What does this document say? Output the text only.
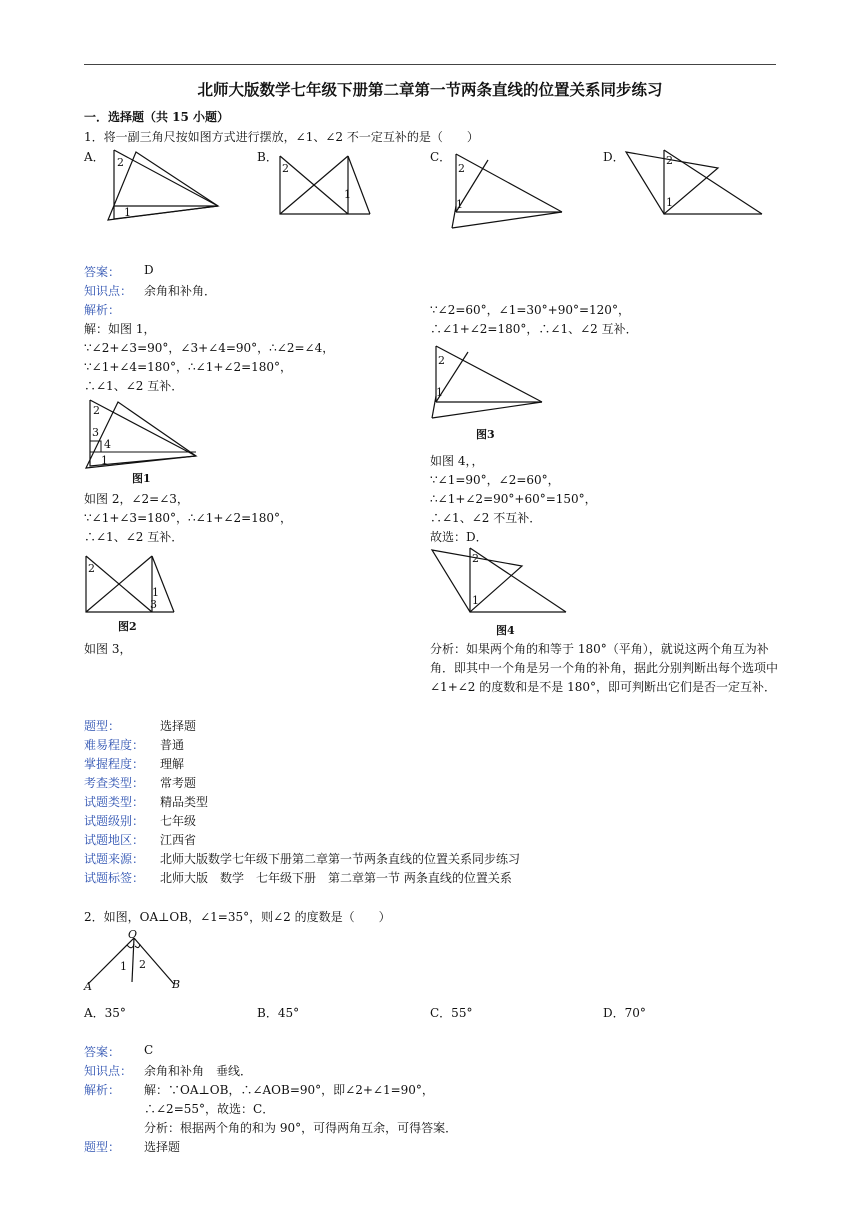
北师大版数学七年级下册第二章第一节两条直线的位置关系同步练习
一．选择题（共 15 小题）
1．将一副三角尺按如图方式进行摆放，∠1、∠2 不一定互补的是（　　）
A．	B．	C．	D．
2
1
2
1
2
1
2
1
答案： D
知识点： 余角和补角．
解析：
解：如图 1，
∵∠2+∠3=90°，∠3+∠4=90°，∴∠2=∠4，
∵∠1+∠4=180°，∴∠1+∠2=180°，
∴∠1、∠2 互补．
2
3
4
1
图1
如图 2，∠2=∠3，
∵∠1+∠3=180°，∴∠1+∠2=180°，
∴∠1、∠2 互补．
2
1
3
图2
如图 3，
∵∠2=60°，∠1=30°+90°=120°，
∴∠1+∠2=180°，∴∠1、∠2 互补．
2
1
图3
如图 4，，
∵∠1=90°，∠2=60°，
∴∠1+∠2=90°+60°=150°，
∴∠1、∠2 不互补．
故选：D．
2
1
图4
分析：如果两个角的和等于 180°（平角），就说这两个角互为补角．即其中一个角是另一个角的补角，据此分别判断出每个选项中∠1+∠2 的度数和是不是 180°，即可判断出它们是否一定互补．
题型：	选择题
难易程度： 普通
掌握程度： 理解
考查类型： 常考题
试题类型： 精品类型
试题级别： 七年级
试题地区： 江西省
试题来源： 北师大版数学七年级下册第二章第一节两条直线的位置关系同步练习
试题标签： 北师大版　数学　七年级下册　第二章第一节 两条直线的位置关系
2．如图，OA⊥OB，∠1=35°，则∠2 的度数是（　　）
O
1 2
A	B
A．35°	B．45°	C．55°	D．70°
答案： C
知识点： 余角和补角　垂线．
解析： 解：∵OA⊥OB，∴∠AOB=90°，即∠2+∠1=90°，
∴∠2=55°，故选：C．
分析：根据两个角的和为 90°，可得两角互余，可得答案．
题型： 选择题
